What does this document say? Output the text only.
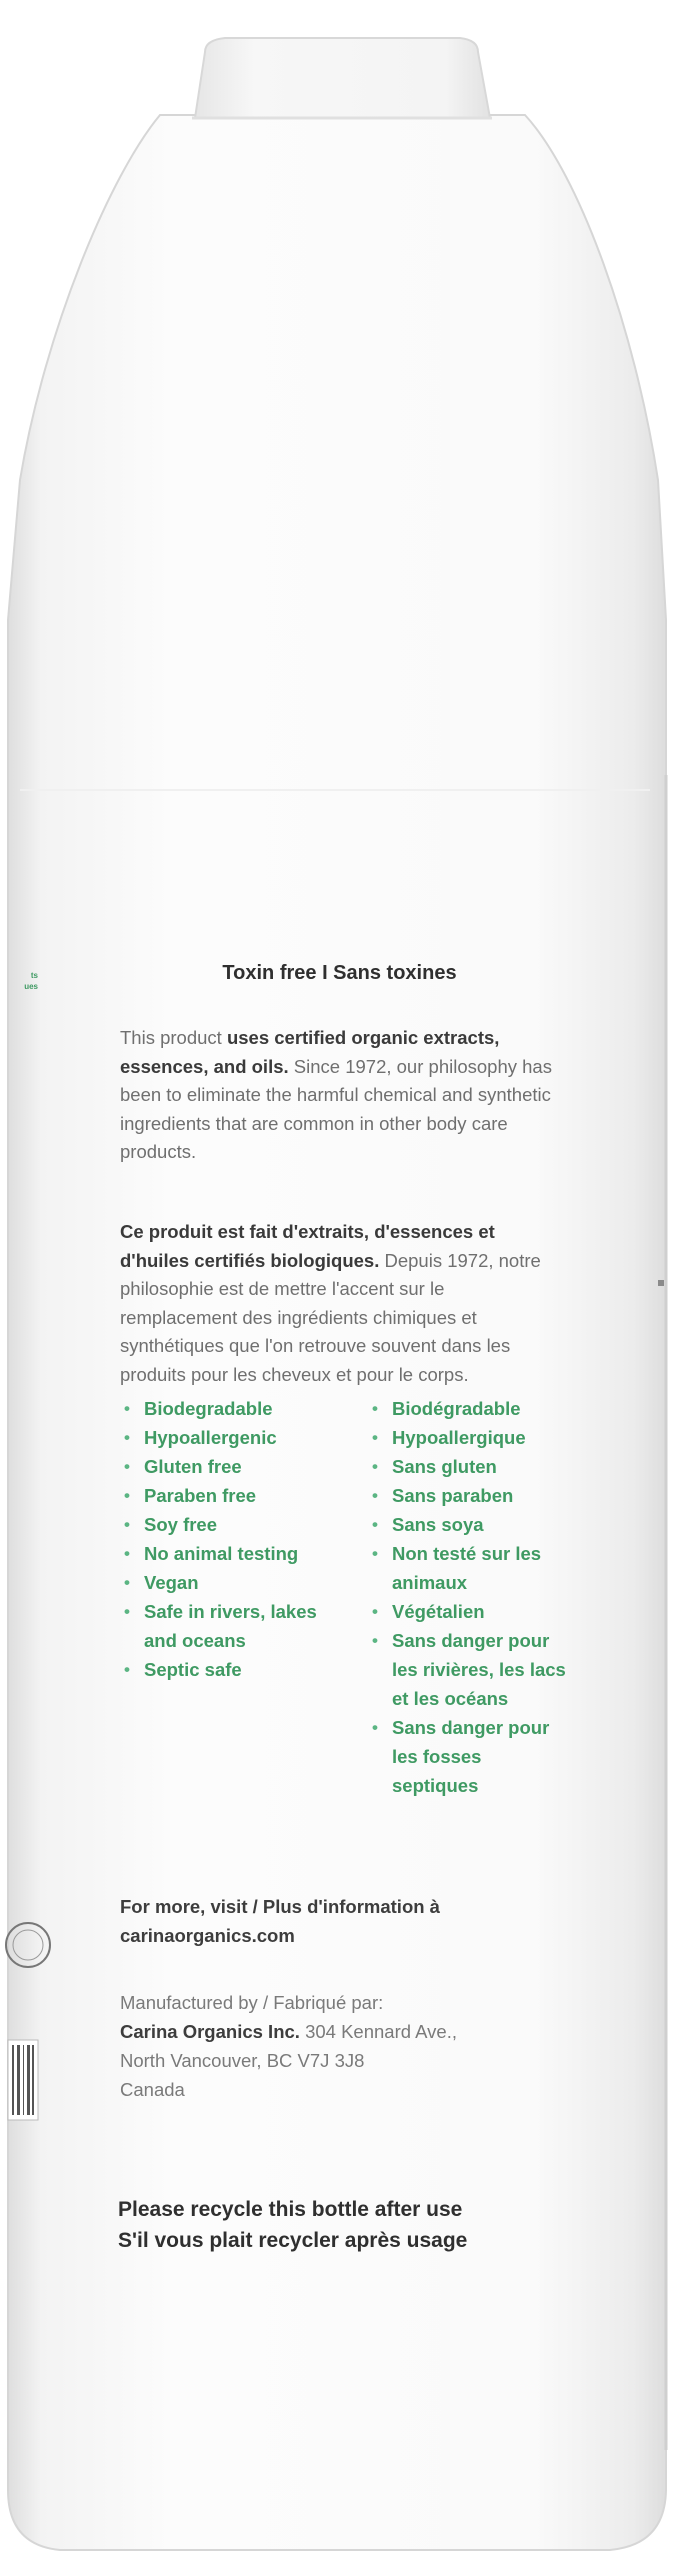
ts
ues
Toxin free I Sans toxines
This product uses certified organic extracts, essences, and oils. Since 1972, our philosophy has been to eliminate the harmful chemical and synthetic ingredients that are common in other body care products.
Ce produit est fait d'extraits, d'essences et d'huiles certifiés biologiques. Depuis 1972, notre philosophie est de mettre l'accent sur le remplacement des ingrédients chimiques et synthétiques que l'on retrouve souvent dans les produits pour les cheveux et pour le corps.
• Biodegradable
• Hypoallergenic
• Gluten free
• Paraben free
• Soy free
• No animal testing
• Vegan
• Safe in rivers, lakes and oceans
• Septic safe
• Biodégradable
• Hypoallergique
• Sans gluten
• Sans paraben
• Sans soya
• Non testé sur les animaux
• Végétalien
• Sans danger pour les rivières, les lacs et les océans
• Sans danger pour les fosses septiques
For more, visit / Plus d'information à
carinaorganics.com
Manufactured by / Fabriqué par:
Carina Organics Inc. 304 Kennard Ave.,
North Vancouver, BC V7J 3J8
Canada
Please recycle this bottle after use
S'il vous plait recycler après usage
